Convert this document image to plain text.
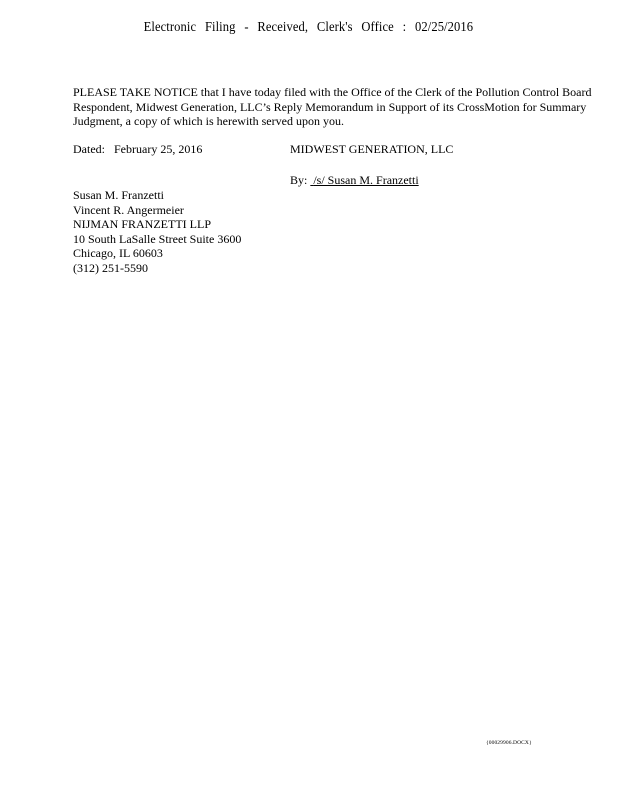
Electronic Filing - Received, Clerk's Office : 02/25/2016
PLEASE TAKE NOTICE that I have today filed with the Office of the Clerk of the Pollution Control Board Respondent, Midwest Generation, LLC’s Reply Memorandum in Support of its CrossMotion for Summary Judgment, a copy of which is herewith served upon you.
Dated: February 25, 2016	MIDWEST GENERATION, LLC
By: /s/ Susan M. Franzetti
Susan M. Franzetti
Vincent R. Angermeier
NIJMAN FRANZETTI LLP
10 South LaSalle Street Suite 3600
Chicago, IL 60603
(312) 251-5590
{00029906.DOCX}
